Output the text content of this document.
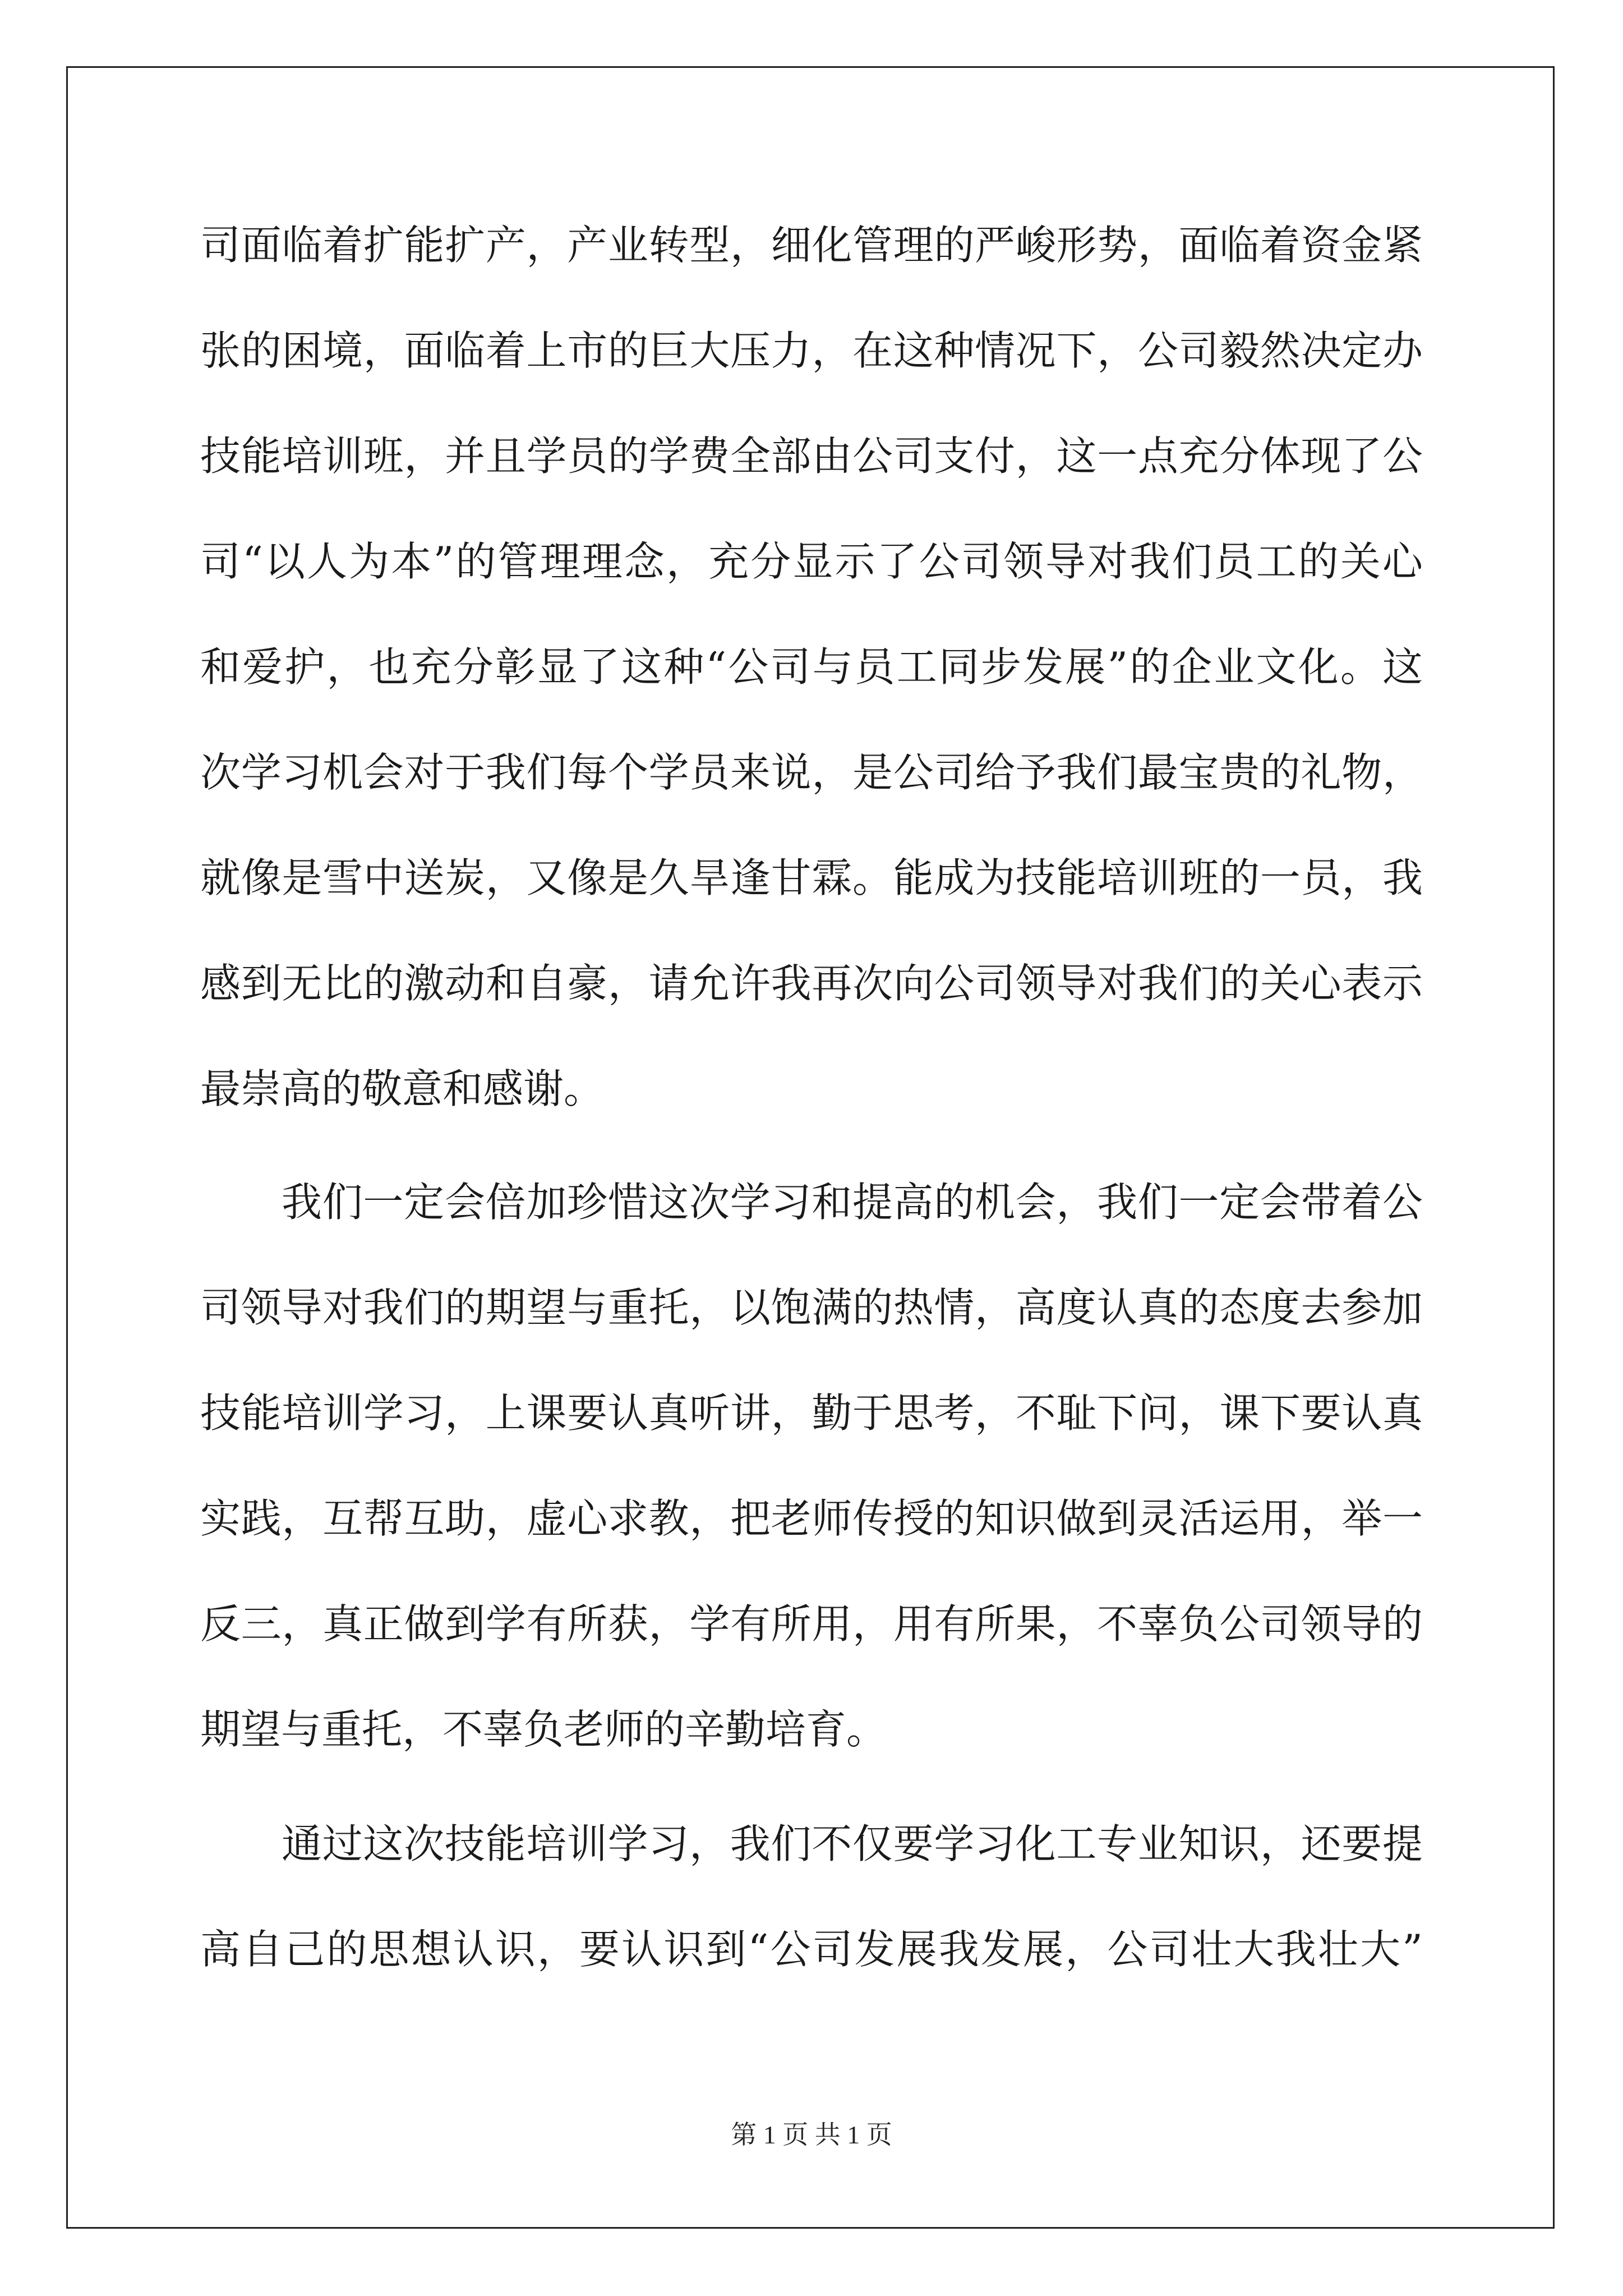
司面临着扩能扩产，产业转型，细化管理的严峻形势，面临着资金紧
张的困境，面临着上市的巨大压力，在这种情况下，公司毅然决定办
技能培训班，并且学员的学费全部由公司支付，这一点充分体现了公
司“以人为本”的管理理念，充分显示了公司领导对我们员工的关心
和爱护，也充分彰显了这种“公司与员工同步发展”的企业文化。这
次学习机会对于我们每个学员来说，是公司给予我们最宝贵的礼物，
就像是雪中送炭，又像是久旱逢甘霖。能成为技能培训班的一员，我
感到无比的激动和自豪，请允许我再次向公司领导对我们的关心表示
最崇高的敬意和感谢。
我们一定会倍加珍惜这次学习和提高的机会，我们一定会带着公
司领导对我们的期望与重托，以饱满的热情，高度认真的态度去参加
技能培训学习，上课要认真听讲，勤于思考，不耻下问，课下要认真
实践，互帮互助，虚心求教，把老师传授的知识做到灵活运用，举一
反三，真正做到学有所获，学有所用，用有所果，不辜负公司领导的
期望与重托，不辜负老师的辛勤培育。
通过这次技能培训学习，我们不仅要学习化工专业知识，还要提
高自己的思想认识，要认识到“公司发展我发展，公司壮大我壮大”
第 1 页 共 1 页
